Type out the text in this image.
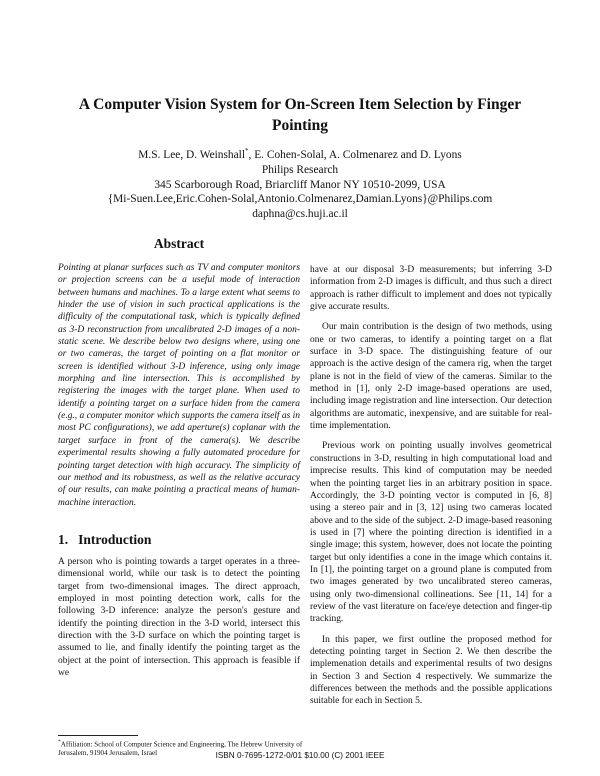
A Computer Vision System for On-Screen Item Selection by Finger
Pointing
M.S. Lee, D. Weinshall*, E. Cohen-Solal, A. Colmenarez and D. Lyons
Philips Research
345 Scarborough Road, Briarcliff Manor NY 10510-2099, USA
{Mi-Suen.Lee,Eric.Cohen-Solal,Antonio.Colmenarez,Damian.Lyons}@Philips.com
daphna@cs.huji.ac.il
Abstract

Pointing at planar surfaces such as TV and computer monitors or projection screens can be a useful mode of interaction between humans and machines. To a large extent what seems to hinder the use of vision in such practical applications is the difficulty of the computational task, which is typically defined as 3-D reconstruction from uncalibrated 2-D images of a non-static scene. We describe below two designs where, using one or two cameras, the target of pointing on a flat monitor or screen is identified without 3-D inference, using only image morphing and line intersection. This is accomplished by registering the images with the target plane. When used to identify a pointing target on a surface hiden from the camera (e.g., a computer monitor which supports the camera itself as in most PC configurations), we add aperture(s) coplanar with the target surface in front of the camera(s). We describe experimental results showing a fully automated procedure for pointing target detection with high accuracy. The simplicity of our method and its robustness, as well as the relative accuracy of our results, can make pointing a practical means of human-machine interaction.

1. Introduction

A person who is pointing towards a target operates in a three-dimensional world, while our task is to detect the pointing target from two-dimensional images. The direct approach, employed in most pointing detection work, calls for the following 3-D inference: analyze the person's gesture and identify the pointing direction in the 3-D world, intersect this direction with the 3-D surface on which the pointing target is assumed to lie, and finally identify the pointing target as the object at the point of intersection. This approach is feasible if we

have at our disposal 3-D measurements; but inferring 3-D information from 2-D images is difficult, and thus such a direct approach is rather difficult to implement and does not typically give accurate results.

Our main contribution is the design of two methods, using one or two cameras, to identify a pointing target on a flat surface in 3-D space. The distinguishing feature of our approach is the active design of the camera rig, when the target plane is not in the field of view of the cameras. Similar to the method in [1], only 2-D image-based operations are used, including image registration and line intersection. Our detection algorithms are automatic, inexpensive, and are suitable for real-time implementation.

Previous work on pointing usually involves geometrical constructions in 3-D, resulting in high computational load and imprecise results. This kind of computation may be needed when the pointing target lies in an arbitrary position in space. Accordingly, the 3-D pointing vector is computed in [6, 8] using a stereo pair and in [3, 12] using two cameras located above and to the side of the subject. 2-D image-based reasoning is used in [7] where the pointing direction is identified in a single image; this system, however, does not locate the pointing target but only identifies a cone in the image which contains it. In [1], the pointing target on a ground plane is computed from two images generated by two uncalibrated stereo cameras, using only two-dimensional collineations. See [11, 14] for a review of the vast literature on face/eye detection and finger-tip tracking.

In this paper, we first outline the proposed method for detecting pointing target in Section 2. We then describe the implemenation details and experimental results of two designs in Section 3 and Section 4 respectively. We summarize the differences between the methods and the possible applications suitable for each in Section 5.

*Affiliation: School of Computer Science and Engineering, The Hebrew University of Jerusalem, 91904 Jerusalem, Israel	ISBN 0-7695-1272-0/01 $10.00 (C) 2001 IEEE
